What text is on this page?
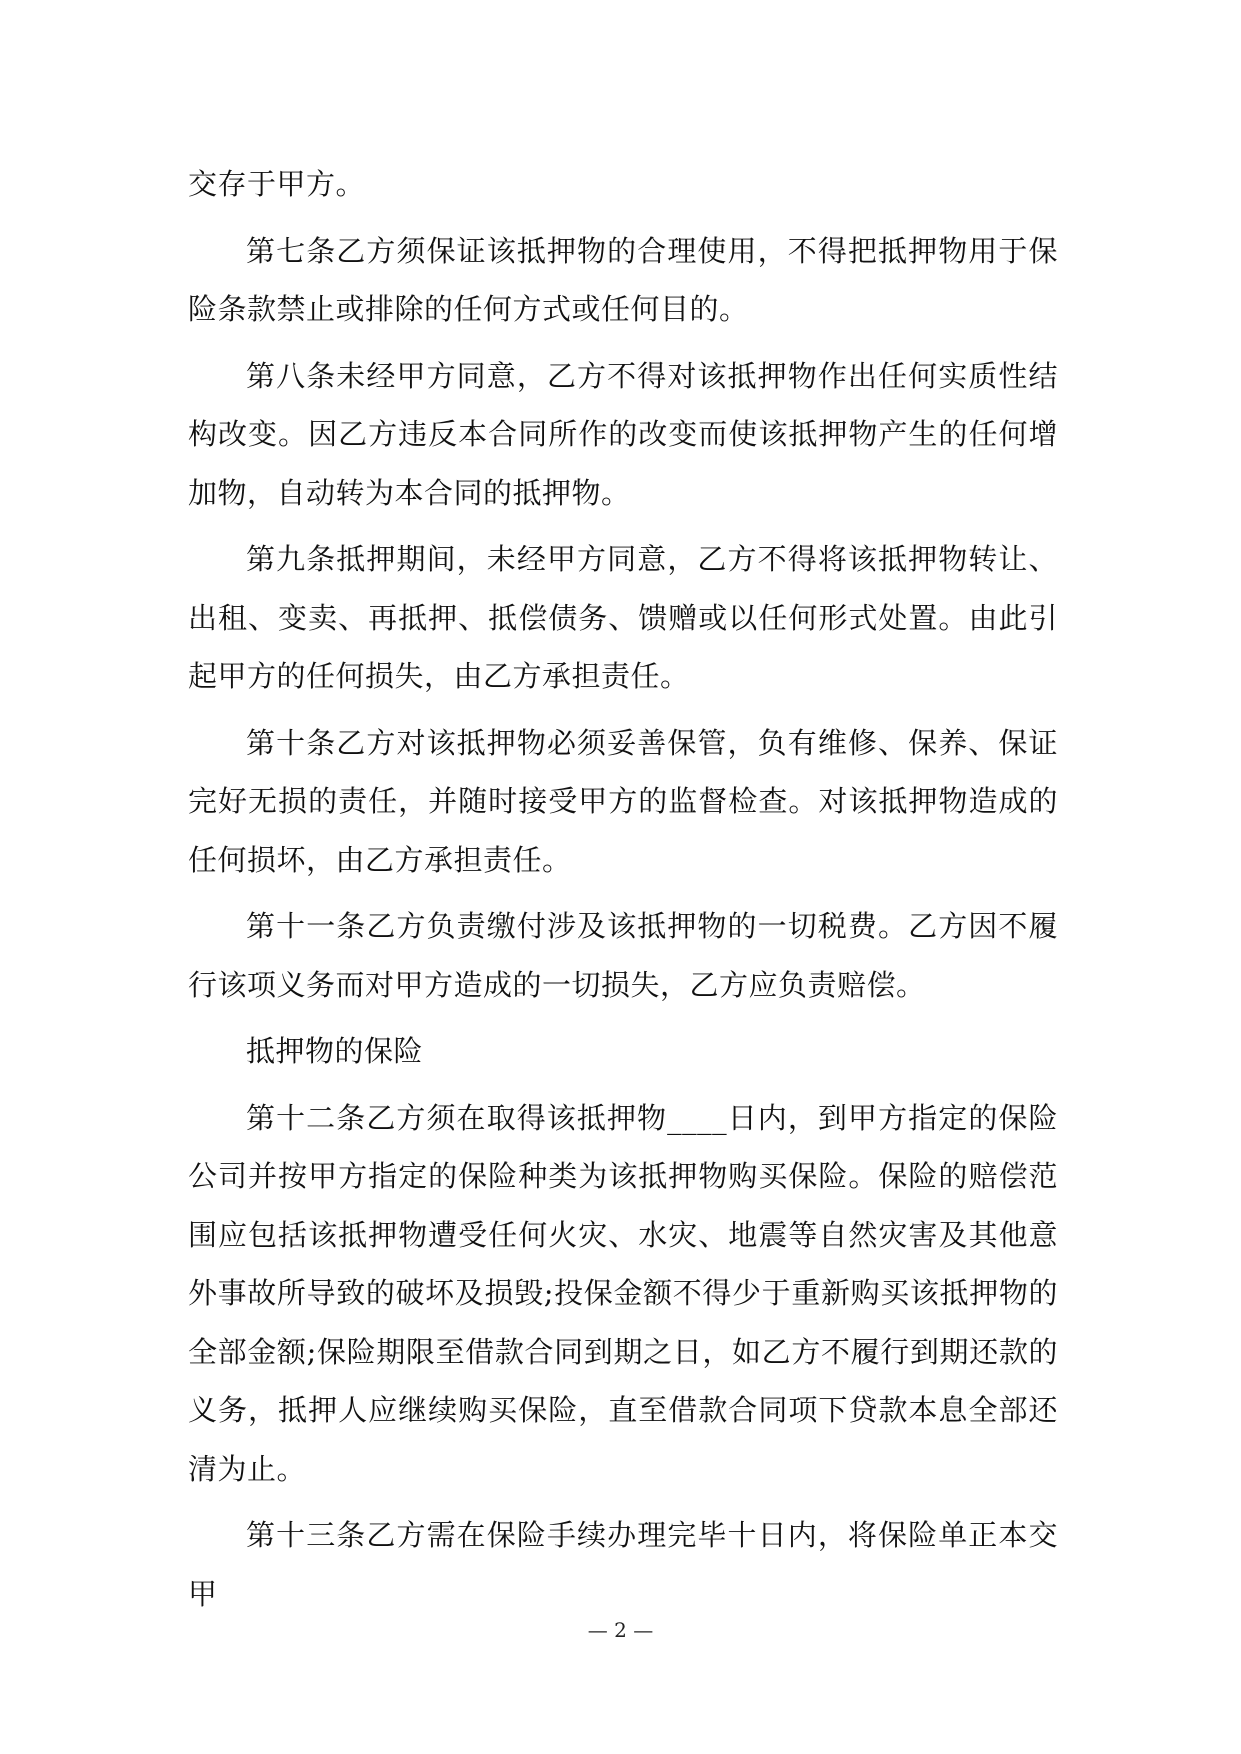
交存于甲方。

第七条乙方须保证该抵押物的合理使用，不得把抵押物用于保险条款禁止或排除的任何方式或任何目的。

第八条未经甲方同意，乙方不得对该抵押物作出任何实质性结构改变。因乙方违反本合同所作的改变而使该抵押物产生的任何增加物，自动转为本合同的抵押物。

第九条抵押期间，未经甲方同意，乙方不得将该抵押物转让、出租、变卖、再抵押、抵偿债务、馈赠或以任何形式处置。由此引起甲方的任何损失，由乙方承担责任。

第十条乙方对该抵押物必须妥善保管，负有维修、保养、保证完好无损的责任，并随时接受甲方的监督检查。对该抵押物造成的任何损坏，由乙方承担责任。

第十一条乙方负责缴付涉及该抵押物的一切税费。乙方因不履行该项义务而对甲方造成的一切损失，乙方应负责赔偿。

抵押物的保险

第十二条乙方须在取得该抵押物____日内，到甲方指定的保险公司并按甲方指定的保险种类为该抵押物购买保险。保险的赔偿范围应包括该抵押物遭受任何火灾、水灾、地震等自然灾害及其他意外事故所导致的破坏及损毁;投保金额不得少于重新购买该抵押物的全部金额;保险期限至借款合同到期之日，如乙方不履行到期还款的义务，抵押人应继续购买保险，直至借款合同项下贷款本息全部还清为止。

第十三条乙方需在保险手续办理完毕十日内，将保险单正本交甲

— 2 —
